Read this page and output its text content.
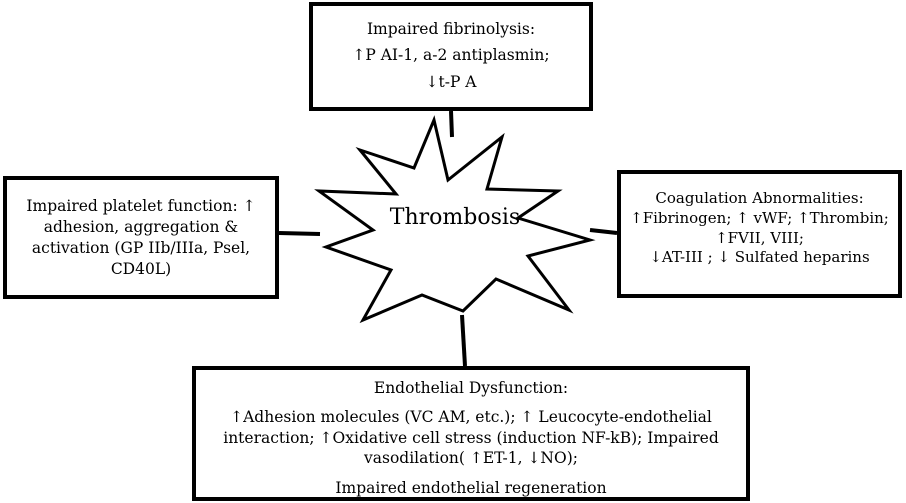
Thrombosis
Impaired fibrinolysis:
↑P AI-1, a-2 antiplasmin;
↓t-P A
Impaired platelet function: ↑
adhesion, aggregation &
activation (GP IIb/IIIa, Psel,
CD40L)
Coagulation Abnormalities:
↑Fibrinogen; ↑ vWF; ↑Thrombin;
↑FVII, VIII;
↓AT-III ; ↓ Sulfated heparins
Endothelial Dysfunction:
↑Adhesion molecules (VC AM, etc.); ↑ Leucocyte-endothelial
interaction; ↑Oxidative cell stress (induction NF-kB); Impaired
vasodilation( ↑ET-1, ↓NO);
Impaired endothelial regeneration
